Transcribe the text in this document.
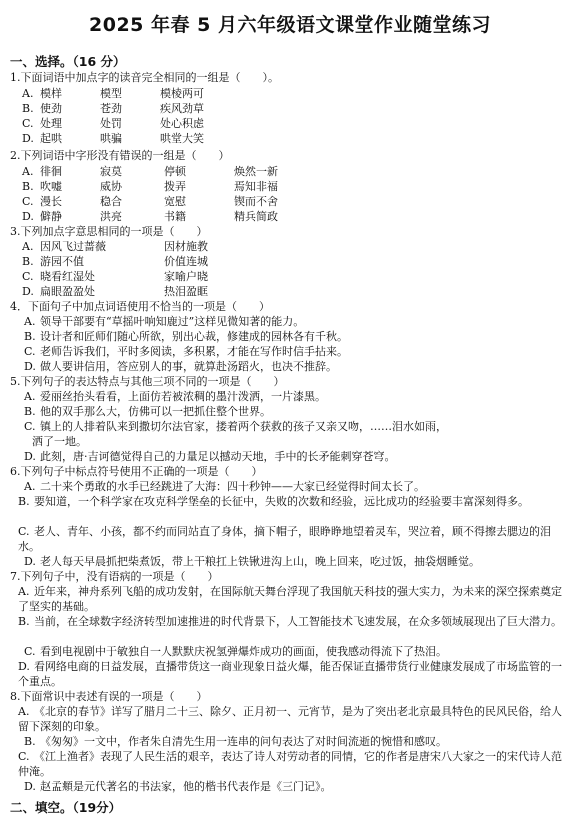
2025 年春 5 月六年级语文课堂作业随堂练习
一、选择。（16 分）
1.下面词语中加点字的读音完全相同的一组是（　　）。
A. 模样	模型	模棱两可
B. 使劲	苍劲	疾风劲草
C. 处理	处罚	处心积虑
D. 起哄	哄骗	哄堂大笑
2.下列词语中字形没有错误的一组是（　　）
A. 徘徊	寂莫	停顿	焕然一新
B. 吹嘘	威协	拨弄	焉知非福
C. 漫长	稳合	宽慰	锲而不舍
D. 僻静	洪亮	书籍	精兵简政
3.下列加点字意思相同的一项是（　　）
A. 因风飞过蔷薇	因材施教
B. 游园不值	价值连城
C. 晓看红湿处	家喻户晓
D. 扁眼盈盈处	热泪盈眶
4．下面句子中加点词语使用不恰当的一项是（　　）
A. 领导干部要有“草摇叶响知鹿过”这样见微知著的能力。
B. 设计者和匠师们随心所欲，别出心裁，修建成的园林各有千秋。
C. 老师告诉我们，平时多阅读，多积累，才能在写作时信手拈来。
D. 做人要讲信用，答应别人的事，就算赴汤蹈火，也决不推辞。
5.下列句子的表达特点与其他三项不同的一项是（　　）
A. 爱丽丝抬头看看，上面仿若被浓稠的墨汁泼洒，一片漆黑。
B. 他的双手那么大，仿佛可以一把抓住整个世界。
C. 镇上的人排着队来到撒切尔法官家，搂着两个获救的孩子又亲又吻，……泪水如雨，
洒了一地。
D. 此刻，唐·吉诃德觉得自己的力量足以撼动天地，手中的长矛能刺穿苍穹。
6.下列句子中标点符号使用不正确的一项是（　　）
A. 二十来个勇敢的水手已经跳进了大海：四十秒钟——大家已经觉得时间太长了。
B. 要知道，一个科学家在攻克科学堡垒的长征中，失败的次数和经验，远比成功的经验要丰富深刻得多。
C. 老人、青年、小孩，都不约而同站直了身体，摘下帽子，眼睁睁地望着灵车，哭泣着，顾不得擦去腮边的泪水。
D. 老人每天早晨抓把柴煮饭，带上干粮扛上铁锹进沟上山，晚上回来，吃过饭，抽袋烟睡觉。
7.下列句子中，没有语病的一项是（　　）
A. 近年来，神舟系列飞船的成功发射，在国际航天舞台浮现了我国航天科技的强大实力，为未来的深空探索奠定了坚实的基础。
B. 当前，在全球数字经济转型加速推进的时代背景下，人工智能技术飞速发展，在众多领域展现出了巨大潜力。
C. 看到电视剧中于敏独自一人默默庆祝氢弹爆炸成功的画面，使我感动得流下了热泪。
D. 看网络电商的日益发展，直播带货这一商业现象日益火爆，能否保证直播带货行业健康发展成了市场监管的一个重点。
8.下面常识中表述有误的一项是（　　）
A. 《北京的春节》详写了腊月二十三、除夕、正月初一、元宵节，是为了突出老北京最具特色的民风民俗，给人留下深刻的印象。
B. 《匆匆》一文中，作者朱自清先生用一连串的问句表达了对时间流逝的惋惜和感叹。
C. 《江上渔者》表现了人民生活的艰辛，表达了诗人对劳动者的同情，它的作者是唐宋八大家之一的宋代诗人范仲淹。
D. 赵孟頫是元代著名的书法家，他的楷书代表作是《三门记》。
二、填空。（19分）
